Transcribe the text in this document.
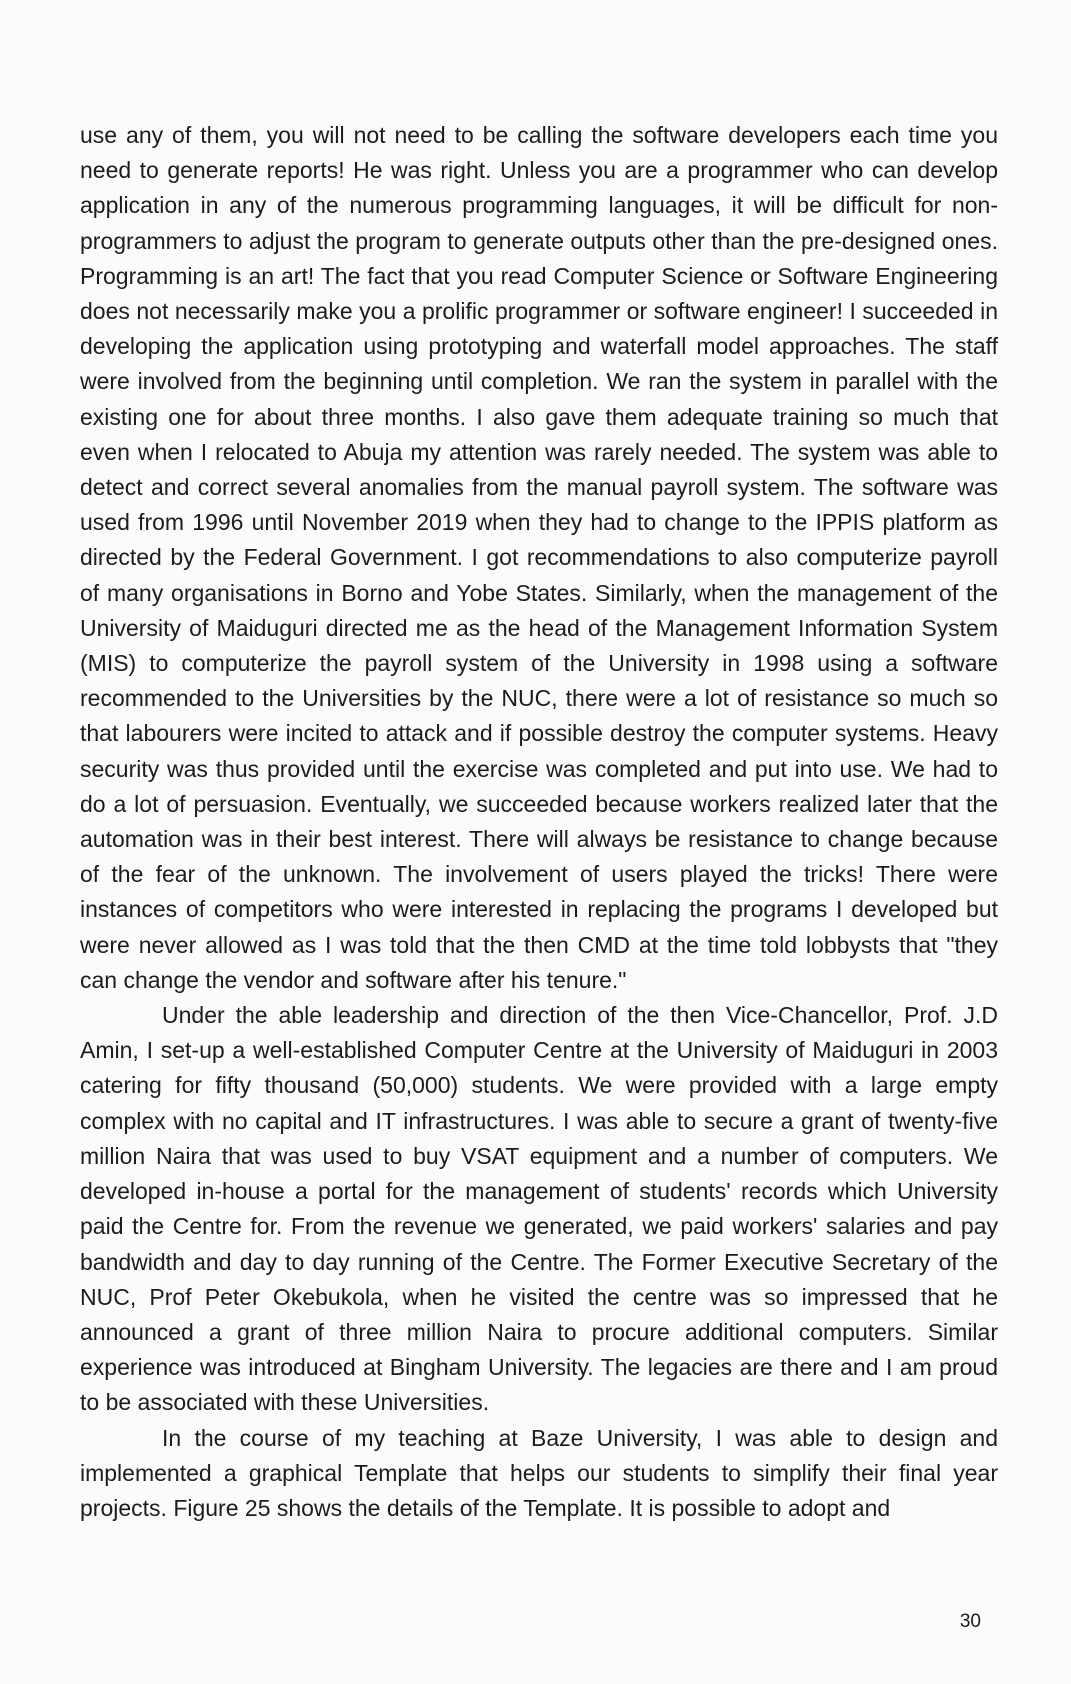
use any of them, you will not need to be calling the software developers each time you need to generate reports! He was right. Unless you are a programmer who can develop application in any of the numerous programming languages, it will be difficult for non-programmers to adjust the program to generate outputs other than the pre-designed ones. Programming is an art! The fact that you read Computer Science or Software Engineering does not necessarily make you a prolific programmer or software engineer! I succeeded in developing the application using prototyping and waterfall model approaches. The staff were involved from the beginning until completion. We ran the system in parallel with the existing one for about three months. I also gave them adequate training so much that even when I relocated to Abuja my attention was rarely needed. The system was able to detect and correct several anomalies from the manual payroll system. The software was used from 1996 until November 2019 when they had to change to the IPPIS platform as directed by the Federal Government. I got recommendations to also computerize payroll of many organisations in Borno and Yobe States. Similarly, when the management of the University of Maiduguri directed me as the head of the Management Information System (MIS) to computerize the payroll system of the University in 1998 using a software recommended to the Universities by the NUC, there were a lot of resistance so much so that labourers were incited to attack and if possible destroy the computer systems. Heavy security was thus provided until the exercise was completed and put into use. We had to do a lot of persuasion. Eventually, we succeeded because workers realized later that the automation was in their best interest. There will always be resistance to change because of the fear of the unknown. The involvement of users played the tricks! There were instances of competitors who were interested in replacing the programs I developed but were never allowed as I was told that the then CMD at the time told lobbysts that "they can change the vendor and software after his tenure."

Under the able leadership and direction of the then Vice-Chancellor, Prof. J.D Amin, I set-up a well-established Computer Centre at the University of Maiduguri in 2003 catering for fifty thousand (50,000) students. We were provided with a large empty complex with no capital and IT infrastructures. I was able to secure a grant of twenty-five million Naira that was used to buy VSAT equipment and a number of computers. We developed in-house a portal for the management of students' records which University paid the Centre for. From the revenue we generated, we paid workers' salaries and pay bandwidth and day to day running of the Centre. The Former Executive Secretary of the NUC, Prof Peter Okebukola, when he visited the centre was so impressed that he announced a grant of three million Naira to procure additional computers. Similar experience was introduced at Bingham University. The legacies are there and I am proud to be associated with these Universities.

In the course of my teaching at Baze University, I was able to design and implemented a graphical Template that helps our students to simplify their final year projects. Figure 25 shows the details of the Template. It is possible to adopt and

30
